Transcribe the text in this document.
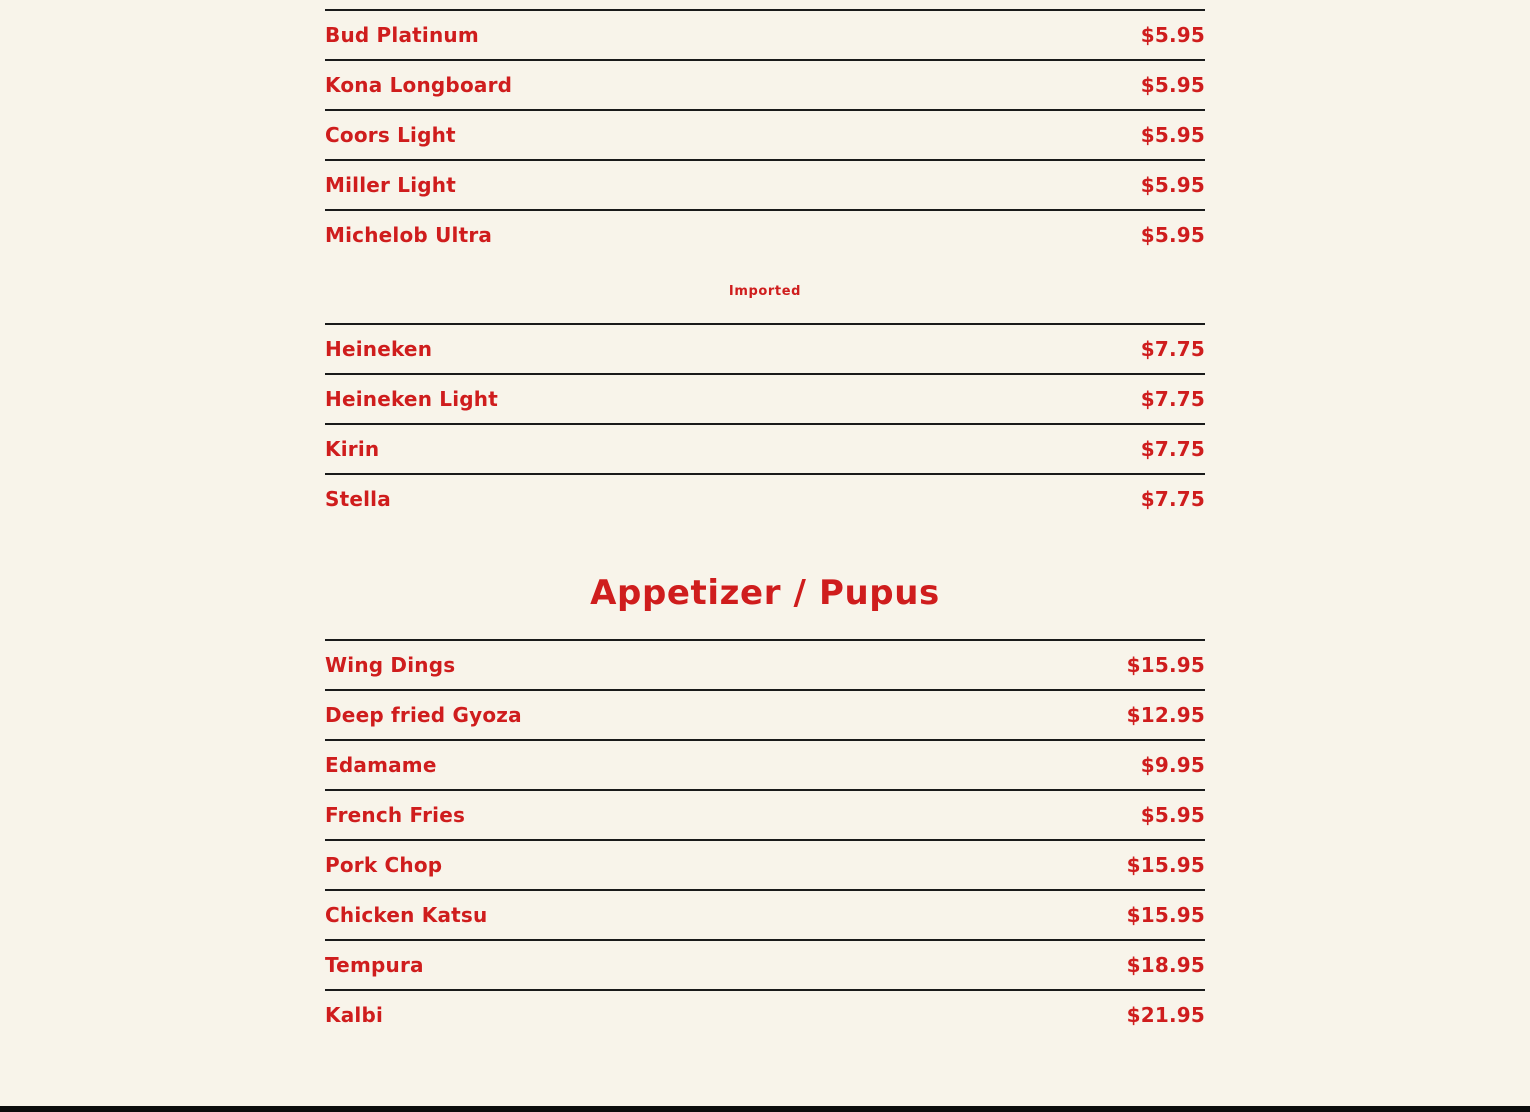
Bud Platinum	$5.95
Kona Longboard	$5.95
Coors Light	$5.95
Miller Light	$5.95
Michelob Ultra	$5.95
Imported
Heineken	$7.75
Heineken Light	$7.75
Kirin	$7.75
Stella	$7.75
Appetizer / Pupus
Wing Dings	$15.95
Deep fried Gyoza	$12.95
Edamame	$9.95
French Fries	$5.95
Pork Chop	$15.95
Chicken Katsu	$15.95
Tempura	$18.95
Kalbi	$21.95
